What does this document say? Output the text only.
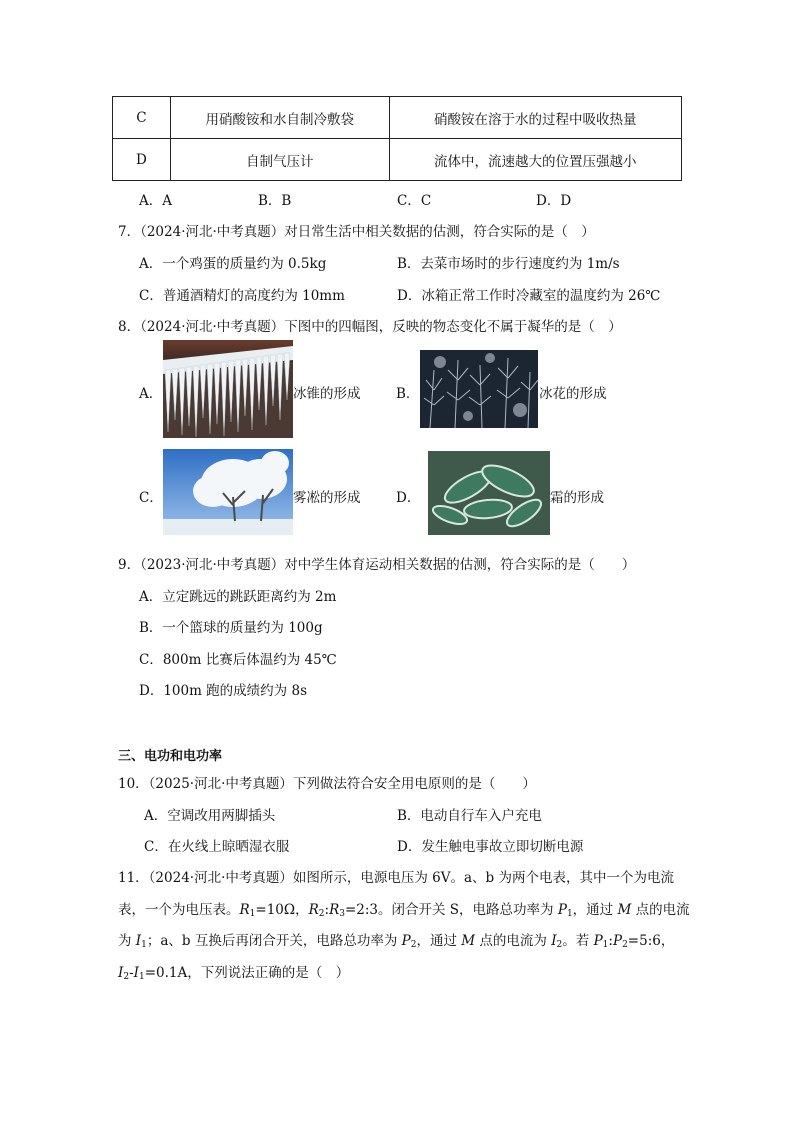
C	用硝酸铵和水自制冷敷袋	硝酸铵在溶于水的过程中吸收热量
D	自制气压计	流体中，流速越大的位置压强越小
A．A	B．B	C．C	D．D
7．（2024·河北·中考真题）对日常生活中相关数据的估测，符合实际的是（　）
A．一个鸡蛋的质量约为 0.5kg	B．去菜市场时的步行速度约为 1m/s
C．普通酒精灯的高度约为 10mm	D．冰箱正常工作时冷藏室的温度约为 26℃
8．（2024·河北·中考真题）下图中的四幅图，反映的物态变化不属于凝华的是（　）
A．	冰锥的形成	B．	冰花的形成
C．	雾凇的形成	D．	霜的形成
9．（2023·河北·中考真题）对中学生体育运动相关数据的估测，符合实际的是（　　）
A．立定跳远的跳跃距离约为 2m
B．一个篮球的质量约为 100g
C．800m 比赛后体温约为 45℃
D．100m 跑的成绩约为 8s
三、电功和电功率
10．（2025·河北·中考真题）下列做法符合安全用电原则的是（　　）
A．空调改用两脚插头	B．电动自行车入户充电
C．在火线上晾晒湿衣服	D．发生触电事故立即切断电源
11．（2024·河北·中考真题）如图所示，电源电压为 6V。a、b 为两个电表，其中一个为电流
表，一个为电压表。$R_1=10\Omega$，$R_2:R_3=2:3$。闭合开关 S，电路总功率为 $P_1$，通过 M 点的电流
为 $I_1$；a、b 互换后再闭合开关，电路总功率为 $P_2$，通过 M 点的电流为 $I_2$。若 $P_1:P_2=5:6$，
$I_2-I_1=0.1A$，下列说法正确的是（　）
